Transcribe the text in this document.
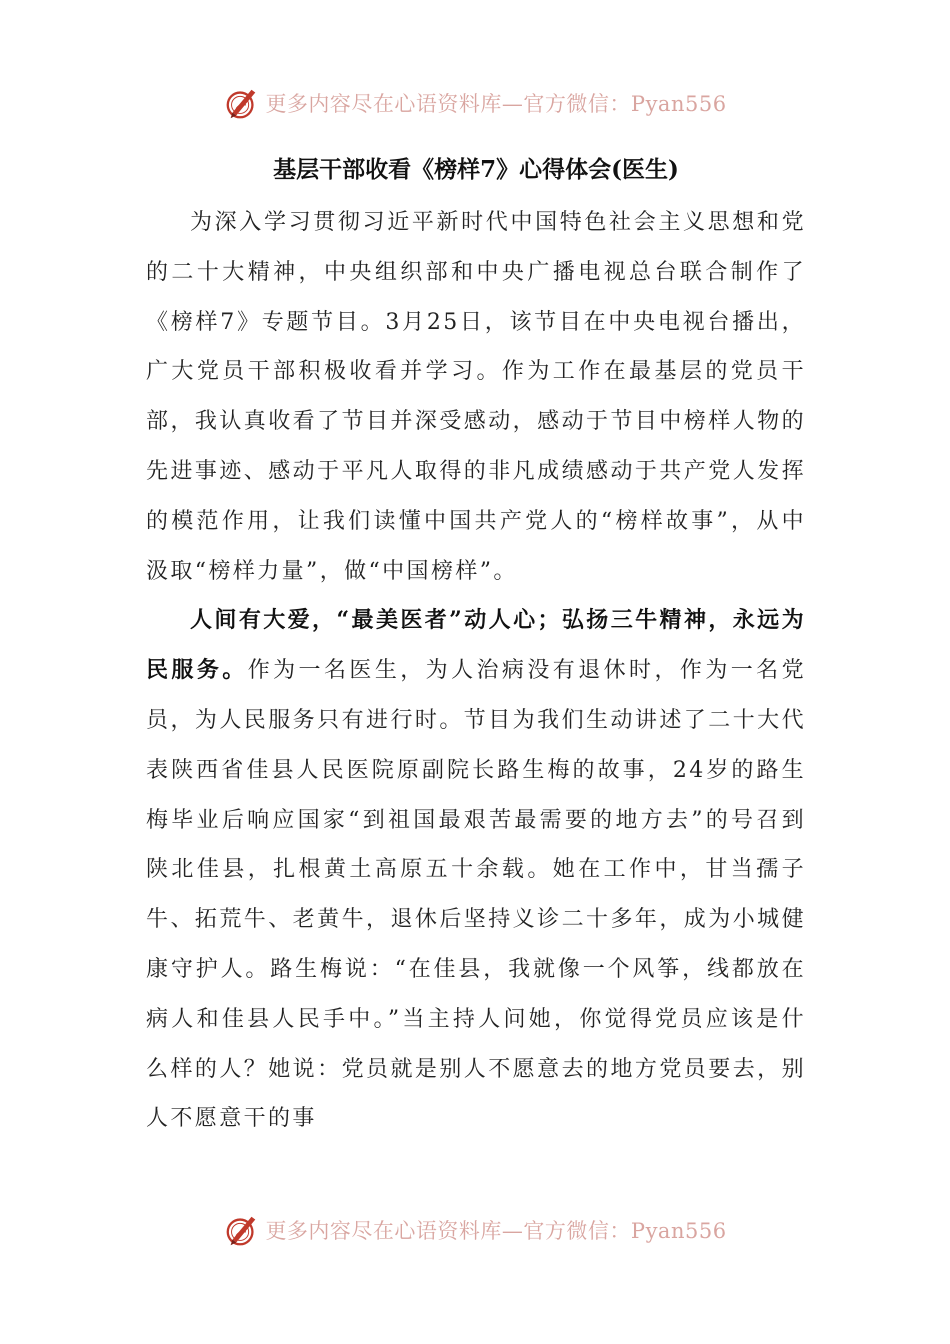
更多内容尽在心语资料库—官方微信：Pyan556
基层干部收看《榜样7》心得体会(医生)

为深入学习贯彻习近平新时代中国特色社会主义思想和党的二十大精神，中央组织部和中央广播电视总台联合制作了《榜样7》专题节目。3月25日，该节目在中央电视台播出，广大党员干部积极收看并学习。作为工作在最基层的党员干部，我认真收看了节目并深受感动，感动于节目中榜样人物的先进事迹、感动于平凡人取得的非凡成绩感动于共产党人发挥的模范作用，让我们读懂中国共产党人的“榜样故事”，从中汲取“榜样力量”，做“中国榜样”。

人间有大爱，“最美医者”动人心；弘扬三牛精神，永远为民服务。作为一名医生，为人治病没有退休时，作为一名党员，为人民服务只有进行时。节目为我们生动讲述了二十大代表陕西省佳县人民医院原副院长路生梅的故事，24岁的路生梅毕业后响应国家“到祖国最艰苦最需要的地方去”的号召到陕北佳县，扎根黄土高原五十余载。她在工作中，甘当孺子牛、拓荒牛、老黄牛，退休后坚持义诊二十多年，成为小城健康守护人。路生梅说：“在佳县，我就像一个风筝，线都放在病人和佳县人民手中。”当主持人问她，你觉得党员应该是什么样的人？她说：党员就是别人不愿意去的地方党员要去，别人不愿意干的事

更多内容尽在心语资料库—官方微信：Pyan556
